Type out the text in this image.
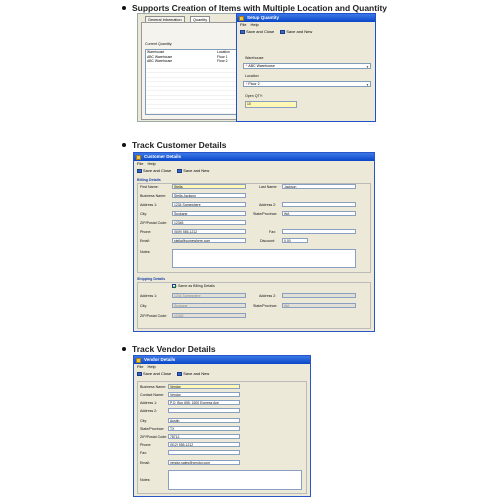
Supports Creation of Items with Multiple Location and Quantity
General Information	Quantity
Current Quantity:
Warehouse	Location
ABC Warehouse	Floor 1
ABC Warehouse	Floor 2
Setup Quantity
File Help
Save and Close	Save and New
Warehouse:
* ABC Warehouse	▼
Location
* Floor 2	▼
Open QTY:
10
Track Customer Details
Customer Details
File Help
Save and Close	Save and New
Billing Details
First Name:	Stella	Last Name:	Jackson
Business Name:	Stella Jackson
Address 1:	1234 Somewhere	Address 2:
City:	Spokane	State/Province:	WA
ZIP/Postal Code:	12345
Phone:	(509) 555-1212	Fax:
Email:	stella@somewhere.com	Discount:	0.00
Notes:
Shipping Details
Same as Billing Details
Address 1:	1234 Somewhere	Address 2:
City:	Spokane	State/Province:	WA
ZIP/Postal Code:	12345
Track Vendor Details
Vendor Details
File Help
Save and Close	Save and New
Business Name:	Vendor
Contact Name:	Vendor
Address 1:	P.O. Box 655, 1500 Express Ave
Address 2:
City:	Austin
State/Province:	TX
ZIP/Postal Code: 78712
Phone:	(512) 555-1212
Fax:
Email:	vendor.sales@vendor.com
Notes:
